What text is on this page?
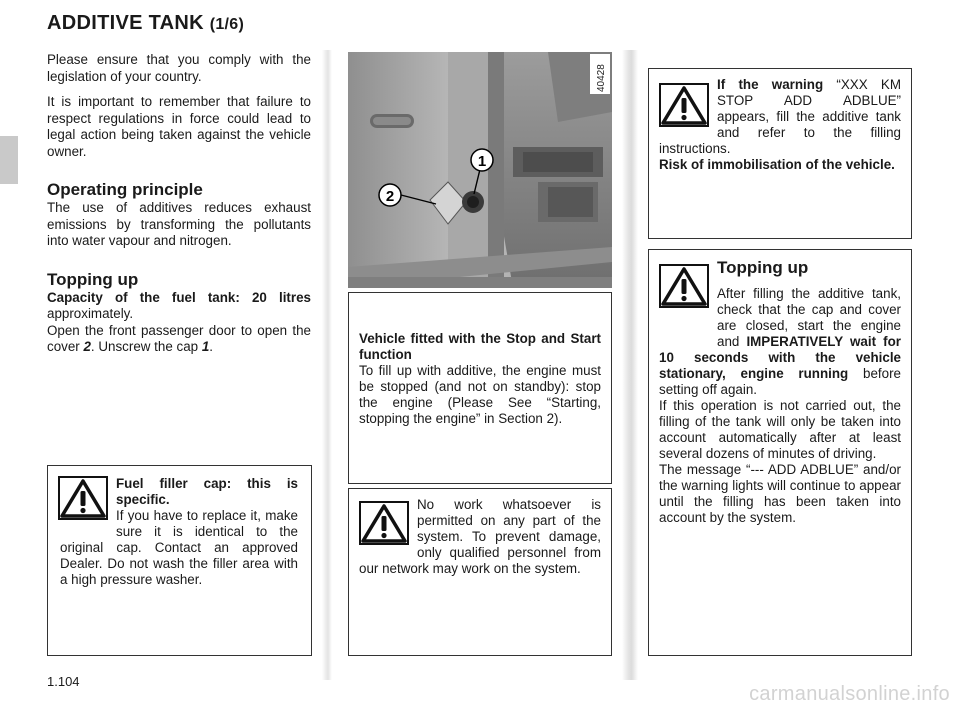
ADDITIVE TANK (1/6)

Please ensure that you comply with the legislation of your country.

It is important to remember that failure to respect regulations in force could lead to legal action being taken against the vehicle owner.

Operating principle

The use of additives reduces exhaust emissions by transforming the pollutants into water vapour and nitrogen.

Topping up

Capacity of the fuel tank: 20 litres approximately.

Open the front passenger door to open the cover 2. Unscrew the cap 1.

Fuel filler cap: this is specific.
If you have to replace it, make sure it is identical to the original cap. Contact an approved Dealer. Do not wash the filler area with a high pressure washer.
1
2
40428
Vehicle fitted with the Stop and Start function
To fill up with additive, the engine must be stopped (and not on standby): stop the engine (Please See “Starting, stopping the engine” in Section 2).
No work whatsoever is permitted on any part of the system. To prevent damage, only qualified personnel from our network may work on the system.
If the warning “XXX KM STOP ADD ADBLUE” appears, fill the additive tank and refer to the filling instructions.
Risk of immobilisation of the vehicle.
Topping up
After filling the additive tank, check that the cap and cover are closed, start the engine and IMPERATIVELY wait for 10 seconds with the vehicle stationary, engine running before setting off again.
If this operation is not carried out, the filling of the tank will only be taken into account automatically after at least several dozens of minutes of driving.
The message “--- ADD ADBLUE” and/or the warning lights will continue to appear until the filling has been taken into account by the system.
1.104
carmanualsonline.info
